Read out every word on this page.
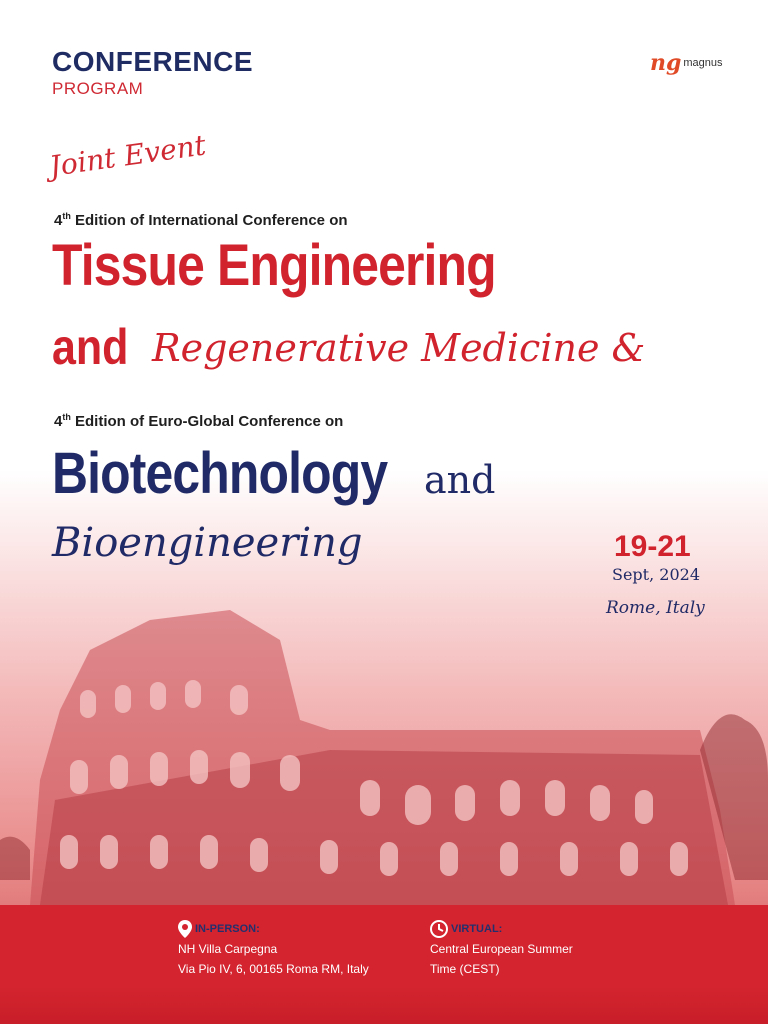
CONFERENCE
PROGRAM
ng magnus
Joint Event
4th Edition of International Conference on
Tissue Engineering
and Regenerative Medicine &
4th Edition of Euro-Global Conference on
Biotechnology and
Bioengineering	19-21
Sept, 2024
Rome, Italy
IN-PERSON:
NH Villa Carpegna
Via Pio IV, 6, 00165 Roma RM, Italy
VIRTUAL:
Central European Summer
Time (CEST)
